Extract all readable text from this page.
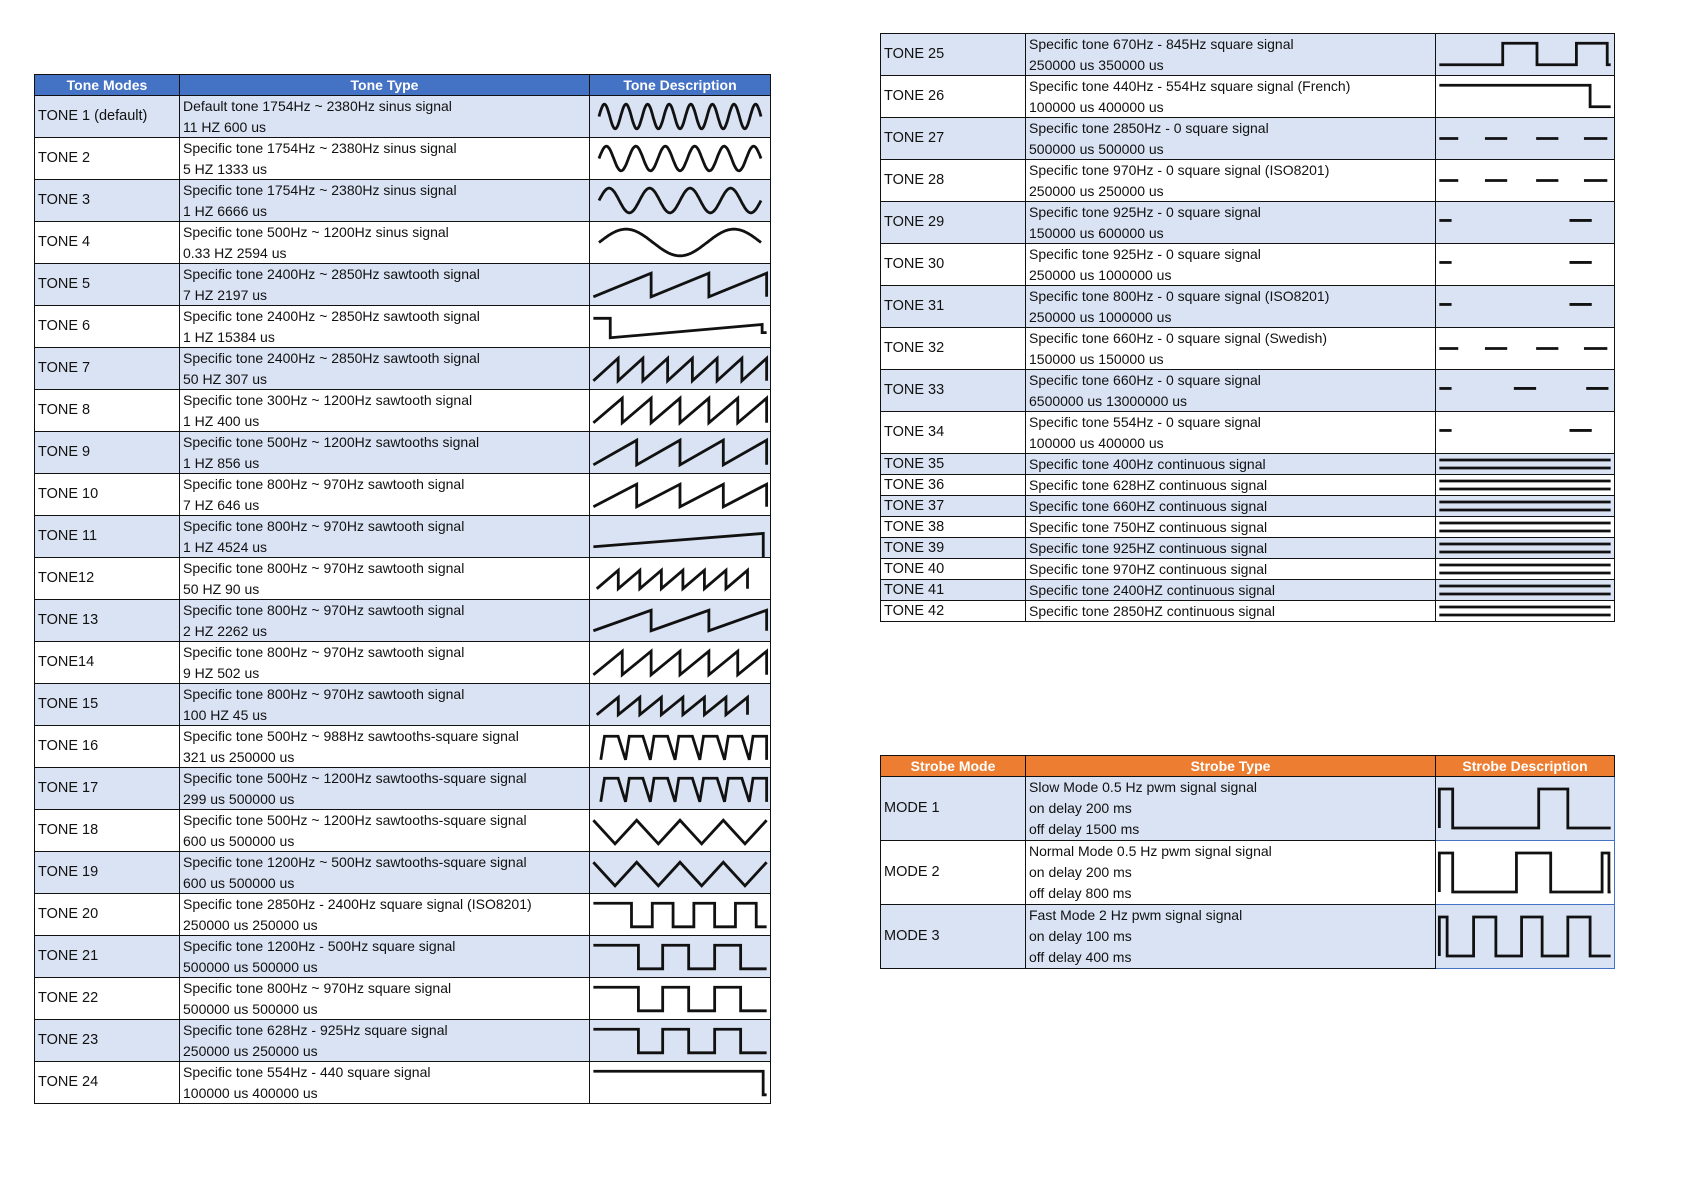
Tone Modes	Tone Type	Tone Description
TONE 1 (default)	Default tone 1754Hz ~ 2380Hz sinus signal
11 HZ 600 us

TONE 2	Specific tone 1754Hz ~ 2380Hz sinus signal
5 HZ 1333 us

TONE 3	Specific tone 1754Hz ~ 2380Hz sinus signal
1 HZ 6666 us

TONE 4	Specific tone 500Hz ~ 1200Hz sinus signal
0.33 HZ 2594 us

TONE 5	Specific tone 2400Hz ~ 2850Hz sawtooth signal
7 HZ 2197 us

TONE 6	Specific tone 2400Hz ~ 2850Hz sawtooth signal
1 HZ 15384 us

TONE 7	Specific tone 2400Hz ~ 2850Hz sawtooth signal
50 HZ 307 us

TONE 8	Specific tone 300Hz ~ 1200Hz sawtooth signal
1 HZ 400 us

TONE 9	Specific tone 500Hz ~ 1200Hz sawtooths signal
1 HZ 856 us

TONE 10	Specific tone 800Hz ~ 970Hz sawtooth signal
7 HZ 646 us

TONE 11	Specific tone 800Hz ~ 970Hz sawtooth signal
1 HZ 4524 us

TONE12	Specific tone 800Hz ~ 970Hz sawtooth signal
50 HZ 90 us

TONE 13	Specific tone 800Hz ~ 970Hz sawtooth signal
2 HZ 2262 us

TONE14	Specific tone 800Hz ~ 970Hz sawtooth signal
9 HZ 502 us

TONE 15	Specific tone 800Hz ~ 970Hz sawtooth signal
100 HZ 45 us

TONE 16	Specific tone 500Hz ~ 988Hz sawtooths-square signal
321 us 250000 us

TONE 17	Specific tone 500Hz ~ 1200Hz sawtooths-square signal
299 us 500000 us

TONE 18	Specific tone 500Hz ~ 1200Hz sawtooths-square signal
600 us 500000 us

TONE 19	Specific tone 1200Hz ~ 500Hz sawtooths-square signal
600 us 500000 us

TONE 20	Specific tone 2850Hz - 2400Hz square signal (ISO8201)
250000 us 250000 us

TONE 21	Specific tone 1200Hz - 500Hz square signal
500000 us 500000 us

TONE 22	Specific tone 800Hz ~ 970Hz square signal
500000 us 500000 us

TONE 23	Specific tone 628Hz - 925Hz square signal
250000 us 250000 us

TONE 24	Specific tone 554Hz - 440 square signal
100000 us 400000 us

TONE 25	Specific tone 670Hz - 845Hz square signal
250000 us 350000 us

TONE 26	Specific tone 440Hz - 554Hz square signal (French)
100000 us 400000 us

TONE 27	Specific tone 2850Hz - 0 square signal
500000 us 500000 us

TONE 28	Specific tone 970Hz - 0 square signal (ISO8201)
250000 us 250000 us

TONE 29	Specific tone 925Hz - 0 square signal
150000 us 600000 us

TONE 30	Specific tone 925Hz - 0 square signal
250000 us 1000000 us

TONE 31	Specific tone 800Hz - 0 square signal (ISO8201)
250000 us 1000000 us

TONE 32	Specific tone 660Hz - 0 square signal (Swedish)
150000 us 150000 us

TONE 33	Specific tone 660Hz - 0 square signal
6500000 us 13000000 us

TONE 34	Specific tone 554Hz - 0 square signal
100000 us 400000 us

TONE 35	Specific tone 400Hz continuous signal

TONE 36	Specific tone 628HZ continuous signal

TONE 37	Specific tone 660HZ continuous signal

TONE 38	Specific tone 750HZ continuous signal

TONE 39	Specific tone 925HZ continuous signal

TONE 40	Specific tone 970HZ continuous signal

TONE 41	Specific tone 2400HZ continuous signal

TONE 42	Specific tone 2850HZ continuous signal

Strobe Mode	Strobe Type	Strobe Description
MODE 1	Slow Mode 0.5 Hz pwm signal signal
on delay 200 ms
off delay 1500 ms

MODE 2	Normal Mode 0.5 Hz pwm signal signal
on delay 200 ms
off delay 800 ms

MODE 3	Fast Mode 2 Hz pwm signal signal
on delay 100 ms
off delay 400 ms
